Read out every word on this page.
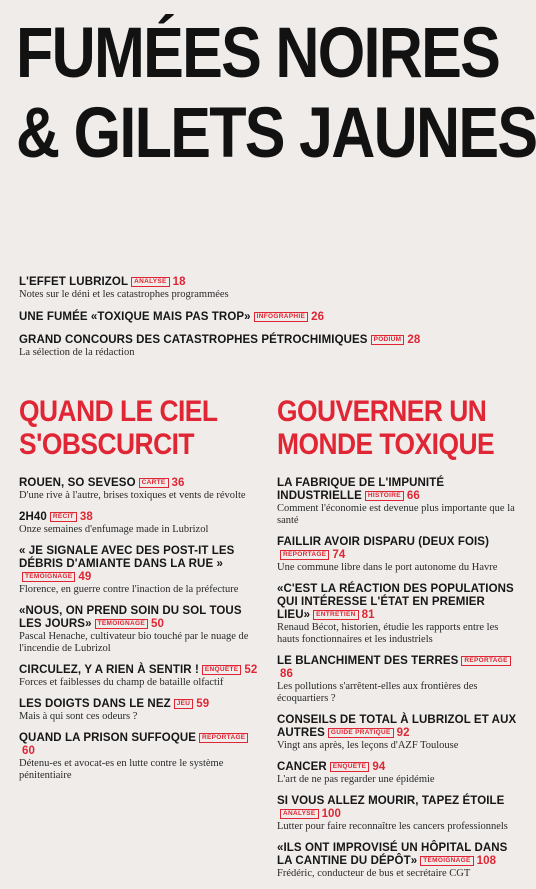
FUMÉES NOIRES
& GILETS JAUNES
L'EFFET LUBRIZOL ANALYSE 18
Notes sur le déni et les catastrophes programmées
UNE FUMÉE «TOXIQUE MAIS PAS TROP» INFOGRAPHIE 26
GRAND CONCOURS DES CATASTROPHES PÉTROCHIMIQUES PODIUM 28
La sélection de la rédaction
QUAND LE CIEL
S'OBSCURCIT
ROUEN, SO SEVESO CARTE 36
D'une rive à l'autre, brises toxiques et vents de révolte
2H40 RÉCIT 38
Onze semaines d'enfumage made in Lubrizol
« JE SIGNALE AVEC DES POST-IT LES DÉBRIS D'AMIANTE DANS LA RUE »TÉMOIGNAGE 49
Florence, en guerre contre l'inaction de la préfecture
«NOUS, ON PREND SOIN DU SOL TOUS LES JOURS» TÉMOIGNAGE 50
Pascal Henache, cultivateur bio touché par le nuage de l'incendie de Lubrizol
CIRCULEZ, Y A RIEN À SENTIR ! ENQUÊTE 52
Forces et faiblesses du champ de bataille olfactif
LES DOIGTS DANS LE NEZ JEU 59
Mais à qui sont ces odeurs ?
QUAND LA PRISON SUFFOQUE REPORTAGE60
Détenu-es et avocat-es en lutte contre le système pénitentiaire
GOUVERNER UN
MONDE TOXIQUE
LA FABRIQUE DE L'IMPUNITÉ INDUSTRIELLE HISTOIRE 66
Comment l'économie est devenue plus importante que la santé
FAILLIR AVOIR DISPARU (DEUX FOIS)REPORTAGE 74
Une commune libre dans le port autonome du Havre
«C'EST LA RÉACTION DES POPULATIONS QUI INTÉRESSE L'ÉTAT EN PREMIER LIEU» ENTRETIEN 81
Renaud Bécot, historien, étudie les rapports entre les hauts fonctionnaires et les industriels
LE BLANCHIMENT DES TERRES REPORTAGE86
Les pollutions s'arrêtent-elles aux frontières des écoquartiers ?
CONSEILS DE TOTAL À LUBRIZOL ET AUX AUTRES GUIDE PRATIQUE 92
Vingt ans après, les leçons d'AZF Toulouse
CANCER ENQUÊTE 94
L'art de ne pas regarder une épidémie
SI VOUS ALLEZ MOURIR, TAPEZ ÉTOILEANALYSE 100
Lutter pour faire reconnaître les cancers professionnels
«ILS ONT IMPROVISÉ UN HÔPITAL DANS LA CANTINE DU DÉPÔT» TÉMOIGNAGE 108
Frédéric, conducteur de bus et secrétaire CGT
